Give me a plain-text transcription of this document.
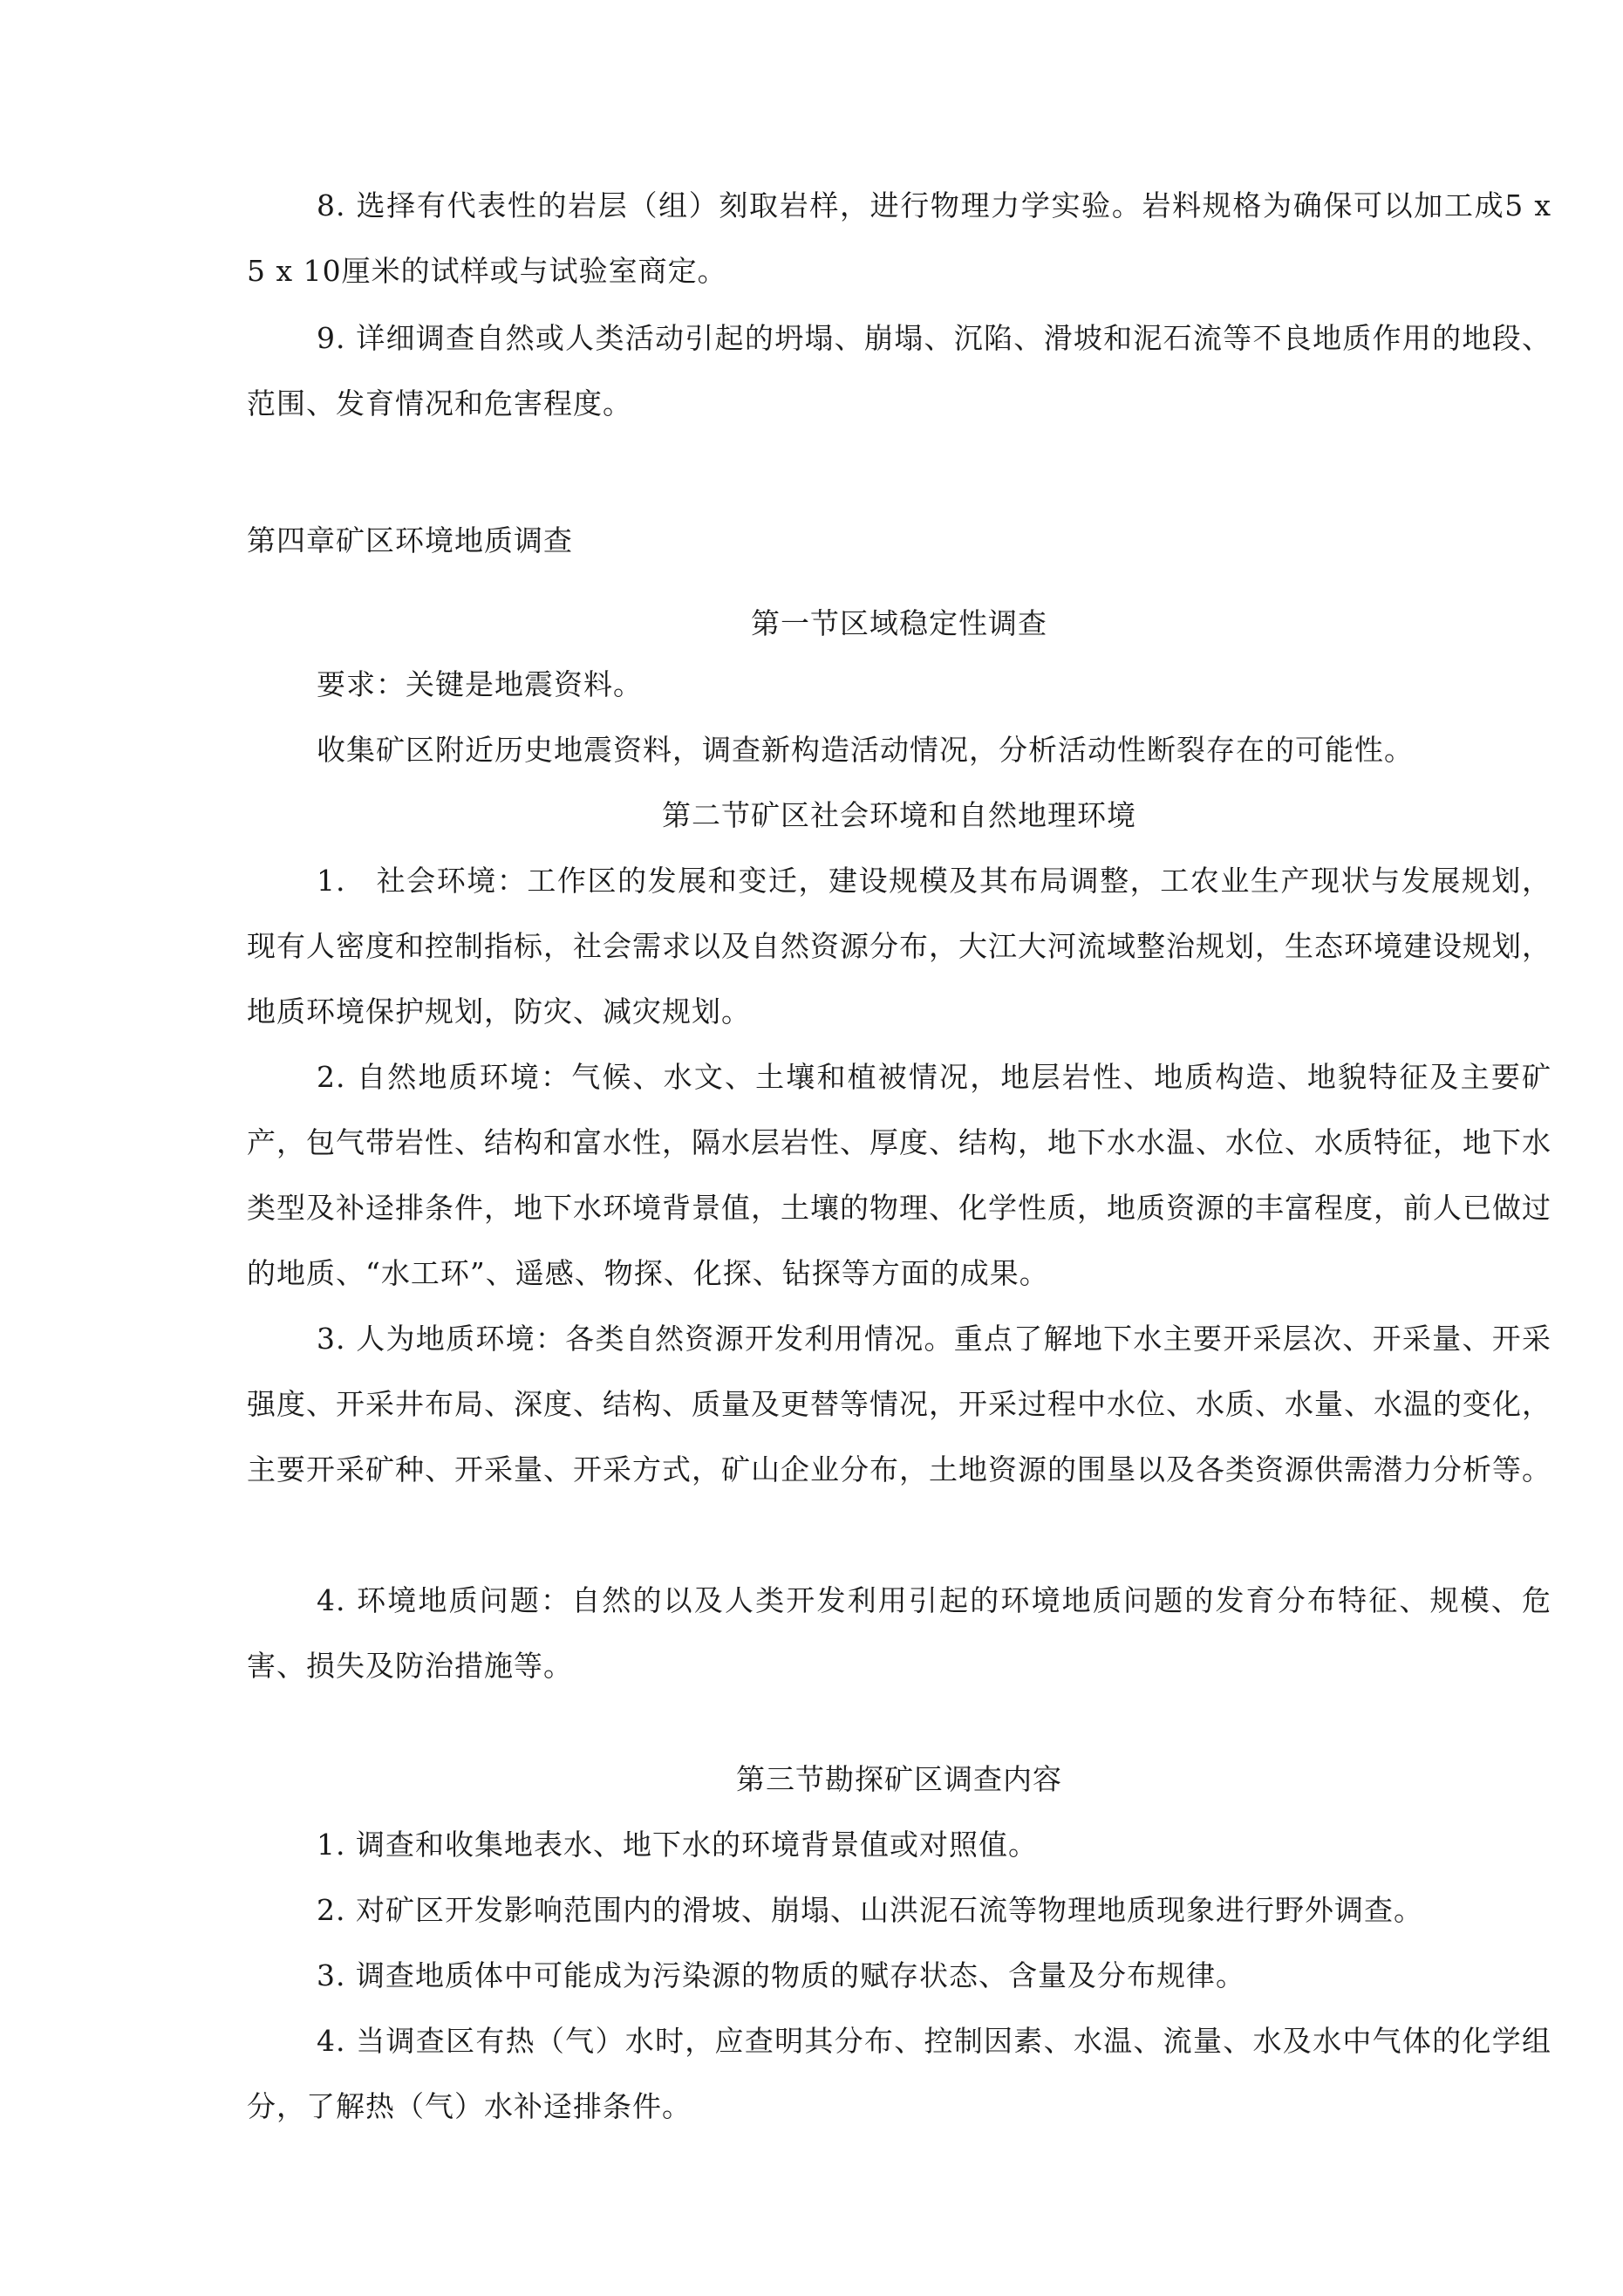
8. 选择有代表性的岩层（组）刻取岩样，进行物理力学实验。岩料规格为确保可以加工成5 x 5 x 10厘米的试样或与试验室商定。

9. 详细调查自然或人类活动引起的坍塌、崩塌、沉陷、滑坡和泥石流等不良地质作用的地段、范围、发育情况和危害程度。

第四章矿区环境地质调查

第一节区域稳定性调查

要求：关键是地震资料。

收集矿区附近历史地震资料，调查新构造活动情况，分析活动性断裂存在的可能性。

第二节矿区社会环境和自然地理环境

1.　社会环境：工作区的发展和变迁，建设规模及其布局调整，工农业生产现状与发展规划，现有人密度和控制指标，社会需求以及自然资源分布，大江大河流域整治规划，生态环境建设规划，地质环境保护规划，防灾、减灾规划。

2. 自然地质环境：气候、水文、土壤和植被情况，地层岩性、地质构造、地貌特征及主要矿产，包气带岩性、结构和富水性，隔水层岩性、厚度、结构，地下水水温、水位、水质特征，地下水类型及补迳排条件，地下水环境背景值，土壤的物理、化学性质，地质资源的丰富程度，前人已做过的地质、“水工环”、遥感、物探、化探、钻探等方面的成果。

3. 人为地质环境：各类自然资源开发利用情况。重点了解地下水主要开采层次、开采量、开采强度、开采井布局、深度、结构、质量及更替等情况，开采过程中水位、水质、水量、水温的变化，主要开采矿种、开采量、开采方式，矿山企业分布，土地资源的围垦以及各类资源供需潜力分析等。

4. 环境地质问题：自然的以及人类开发利用引起的环境地质问题的发育分布特征、规模、危害、损失及防治措施等。

第三节勘探矿区调查内容

1. 调查和收集地表水、地下水的环境背景值或对照值。

2. 对矿区开发影响范围内的滑坡、崩塌、山洪泥石流等物理地质现象进行野外调查。

3. 调查地质体中可能成为污染源的物质的赋存状态、含量及分布规律。

4. 当调查区有热（气）水时，应查明其分布、控制因素、水温、流量、水及水中气体的化学组分，了解热（气）水补迳排条件。
